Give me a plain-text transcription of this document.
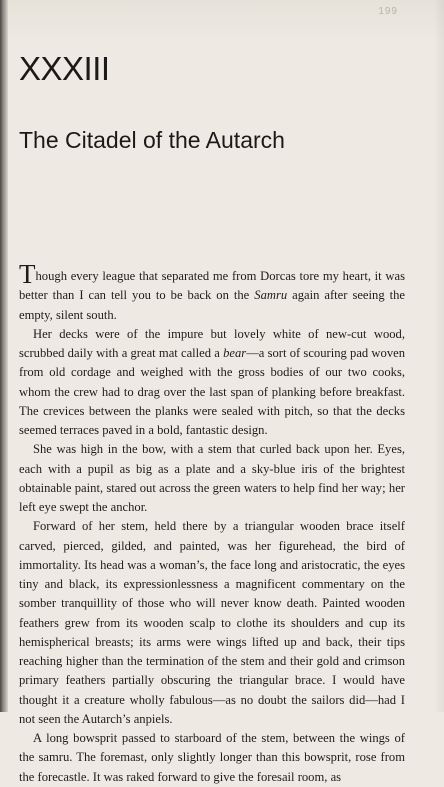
199
XXXIII
The Citadel of the Autarch

Though every league that separated me from Dorcas tore my heart, it was better than I can tell you to be back on the Samru again after seeing the empty, silent south.

Her decks were of the impure but lovely white of new-cut wood, scrubbed daily with a great mat called a bear—a sort of scouring pad woven from old cordage and weighed with the gross bodies of our two cooks, whom the crew had to drag over the last span of planking before breakfast. The crevices between the planks were sealed with pitch, so that the decks seemed terraces paved in a bold, fantastic design.

She was high in the bow, with a stem that curled back upon her. Eyes, each with a pupil as big as a plate and a sky-blue iris of the brightest obtainable paint, stared out across the green waters to help find her way; her left eye swept the anchor.

Forward of her stem, held there by a triangular wooden brace itself carved, pierced, gilded, and painted, was her figurehead, the bird of immortality. Its head was a woman’s, the face long and aristocratic, the eyes tiny and black, its expressionlessness a magnificent commentary on the somber tranquillity of those who will never know death. Painted wooden feathers grew from its wooden scalp to clothe its shoulders and cup its hemispherical breasts; its arms were wings lifted up and back, their tips reaching higher than the termination of the stem and their gold and crimson primary feathers partially obscuring the triangular brace. I would have thought it a creature wholly fabulous—as no doubt the sailors did—had I not seen the Autarch’s anpiels.

A long bowsprit passed to starboard of the stem, between the wings of the samru. The foremast, only slightly longer than this bowsprit, rose from the forecastle. It was raked forward to give the foresail room, as
